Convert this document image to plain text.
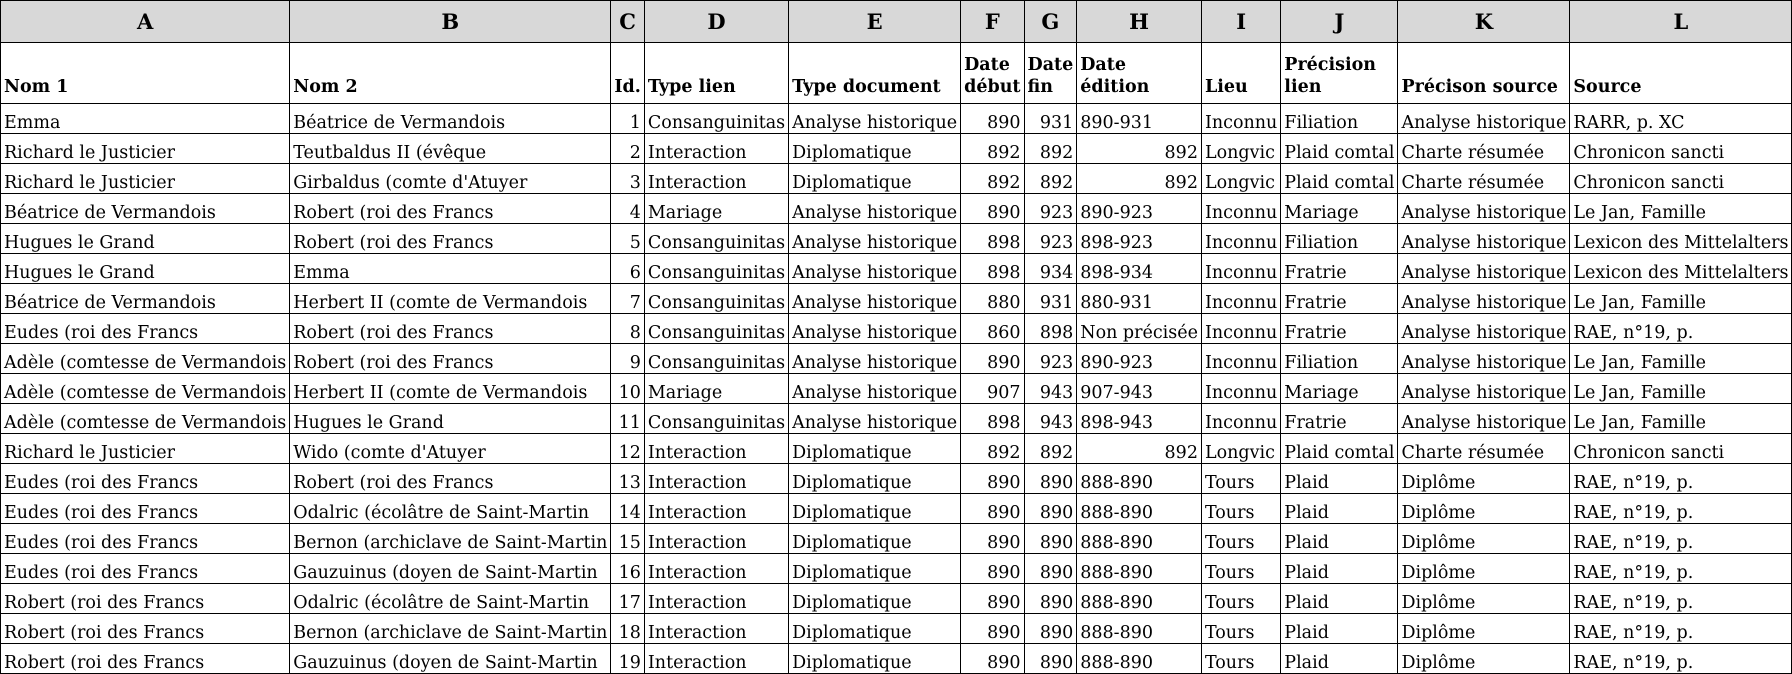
A	B	C	D	E	F	G	H	I	J	K	L
Nom 1	Nom 2	Id.	Type lien	Type document	Date début	Date fin	Date édition	Lieu	Précision lien	Précison source	Source
Emma	Béatrice de Vermandois	1	Consanguinitas	Analyse historique	890	931	890-931	Inconnu	Filiation	Analyse historique	RARR, p. XC
Richard le Justicier	Teutbaldus II (évêque	2	Interaction	Diplomatique	892	892	892	Longvic	Plaid comtal	Charte résumée	Chronicon sancti
Richard le Justicier	Girbaldus (comte d'Atuyer	3	Interaction	Diplomatique	892	892	892	Longvic	Plaid comtal	Charte résumée	Chronicon sancti
Béatrice de Vermandois	Robert (roi des Francs	4	Mariage	Analyse historique	890	923	890-923	Inconnu	Mariage	Analyse historique	Le Jan, Famille
Hugues le Grand	Robert (roi des Francs	5	Consanguinitas	Analyse historique	898	923	898-923	Inconnu	Filiation	Analyse historique	Lexicon des Mittelalters
Hugues le Grand	Emma	6	Consanguinitas	Analyse historique	898	934	898-934	Inconnu	Fratrie	Analyse historique	Lexicon des Mittelalters
Béatrice de Vermandois	Herbert II (comte de Vermandois	7	Consanguinitas	Analyse historique	880	931	880-931	Inconnu	Fratrie	Analyse historique	Le Jan, Famille
Eudes (roi des Francs	Robert (roi des Francs	8	Consanguinitas	Analyse historique	860	898	Non précisée	Inconnu	Fratrie	Analyse historique	RAE, n°19, p.
Adèle (comtesse de Vermandois	Robert (roi des Francs	9	Consanguinitas	Analyse historique	890	923	890-923	Inconnu	Filiation	Analyse historique	Le Jan, Famille
Adèle (comtesse de Vermandois	Herbert II (comte de Vermandois	10	Mariage	Analyse historique	907	943	907-943	Inconnu	Mariage	Analyse historique	Le Jan, Famille
Adèle (comtesse de Vermandois	Hugues le Grand	11	Consanguinitas	Analyse historique	898	943	898-943	Inconnu	Fratrie	Analyse historique	Le Jan, Famille
Richard le Justicier	Wido (comte d'Atuyer	12	Interaction	Diplomatique	892	892	892	Longvic	Plaid comtal	Charte résumée	Chronicon sancti
Eudes (roi des Francs	Robert (roi des Francs	13	Interaction	Diplomatique	890	890	888-890	Tours	Plaid	Diplôme	RAE, n°19, p.
Eudes (roi des Francs	Odalric (écolâtre de Saint-Martin	14	Interaction	Diplomatique	890	890	888-890	Tours	Plaid	Diplôme	RAE, n°19, p.
Eudes (roi des Francs	Bernon (archiclave de Saint-Martin	15	Interaction	Diplomatique	890	890	888-890	Tours	Plaid	Diplôme	RAE, n°19, p.
Eudes (roi des Francs	Gauzuinus (doyen de Saint-Martin	16	Interaction	Diplomatique	890	890	888-890	Tours	Plaid	Diplôme	RAE, n°19, p.
Robert (roi des Francs	Odalric (écolâtre de Saint-Martin	17	Interaction	Diplomatique	890	890	888-890	Tours	Plaid	Diplôme	RAE, n°19, p.
Robert (roi des Francs	Bernon (archiclave de Saint-Martin	18	Interaction	Diplomatique	890	890	888-890	Tours	Plaid	Diplôme	RAE, n°19, p.
Robert (roi des Francs	Gauzuinus (doyen de Saint-Martin	19	Interaction	Diplomatique	890	890	888-890	Tours	Plaid	Diplôme	RAE, n°19, p.
